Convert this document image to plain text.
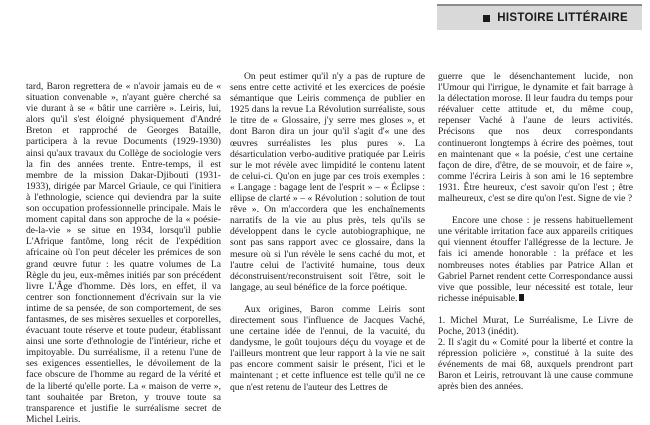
HISTOIRE LITTÉRAIRE

tard, Baron regrettera de « n'avoir jamais eu de « situation convenable », n'ayant guère cherché sa vie durant à se « bâtir une carrière ». Leiris, lui, alors qu'il s'est éloigné physiquement d'André Breton et rapproché de Georges Bataille, participera à la revue Documents (1929-1930) ainsi qu'aux travaux du Collège de sociologie vers la fin des années trente. Entre-temps, il est membre de la mission Dakar-Djibouti (1931-1933), dirigée par Marcel Griaule, ce qui l'initiera à l'ethnologie, science qui deviendra par la suite son occupation professionnelle principale. Mais le moment capital dans son approche de la « poésie-de-la-vie » se situe en 1934, lorsqu'il publie L'Afrique fantôme, long récit de l'expédition africaine où l'on peut déceler les prémices de son grand œuvre futur : les quatre volumes de La Règle du jeu, eux-mêmes initiés par son précédent livre L'Âge d'homme. Dès lors, en effet, il va centrer son fonctionnement d'écrivain sur la vie intime de sa pensée, de son comportement, de ses fantasmes, de ses misères sexuelles et corporelles, évacuant toute réserve et toute pudeur, établissant ainsi une sorte d'ethnologie de l'intérieur, riche et impitoyable. Du surréalisme, il a retenu l'une de ses exigences essentielles, le dévoilement de la face obscure de l'homme au regard de la vérité et de la liberté qu'elle porte. La « maison de verre », tant souhaitée par Breton, y trouve toute sa transparence et justifie le surréalisme secret de Michel Leiris.

On peut estimer qu'il n'y a pas de rupture de sens entre cette activité et les exercices de poésie sémantique que Leiris commença de publier en 1925 dans la revue La Révolution surréaliste, sous le titre de « Glossaire, j'y serre mes gloses », et dont Baron dira un jour qu'il s'agit d'« une des œuvres surréalistes les plus pures ». La désarticulation verbo-auditive pratiquée par Leiris sur le mot révèle avec limpidité le contenu latent de celui-ci. Qu'on en juge par ces trois exemples : « Langage : bagage lent de l'esprit » – « Éclipse : ellipse de clarté » – « Révolution : solution de tout rêve ». On m'accordera que les enchaînements narratifs de la vie au plus près, tels qu'ils se développent dans le cycle autobiographique, ne sont pas sans rapport avec ce glossaire, dans la mesure où si l'un révèle le sens caché du mot, et l'autre celui de l'activité humaine, tous deux déconstruisent/reconstruisent soit l'être, soit le langage, au seul bénéfice de la force poétique.

Aux origines, Baron comme Leiris sont directement sous l'influence de Jacques Vaché, une certaine idée de l'ennui, de la vacuité, du dandysme, le goût toujours déçu du voyage et de l'ailleurs montrent que leur rapport à la vie ne sait pas encore comment saisir le présent, l'ici et le maintenant ; et cette influence est telle qu'il ne ce que n'est retenu de l'auteur des Lettres de

guerre que le désenchantement lucide, non l'Umour qui l'irrigue, le dynamite et fait barrage à la délectation morose. Il leur faudra du temps pour réévaluer cette attitude et, du même coup, repenser Vaché à l'aune de leurs activités. Précisons que nos deux correspondants continueront longtemps à écrire des poèmes, tout en maintenant que « la poésie, c'est une certaine façon de dire, d'être, de se mouvoir, et de faire », comme l'écrira Leiris à son ami le 16 septembre 1931. Être heureux, c'est savoir qu'on l'est ; être malheureux, c'est se dire qu'on l'est. Signe de vie ?

Encore une chose : je ressens habituellement une véritable irritation face aux appareils critiques qui viennent étouffer l'allégresse de la lecture. Je fais ici amende honorable : la préface et les nombreuses notes établies par Patrice Allan et Gabriel Parnet rendent cette Correspondance aussi vive que possible, leur nécessité est totale, leur richesse inépuisable.

1. Michel Murat, Le Surréalisme, Le Livre de Poche, 2013 (inédit).

2. Il s'agit du « Comité pour la liberté et contre la répression policière », constitué à la suite des événements de mai 68, auxquels prendront part Baron et Leiris, retrouvant là une cause commune après bien des années.
